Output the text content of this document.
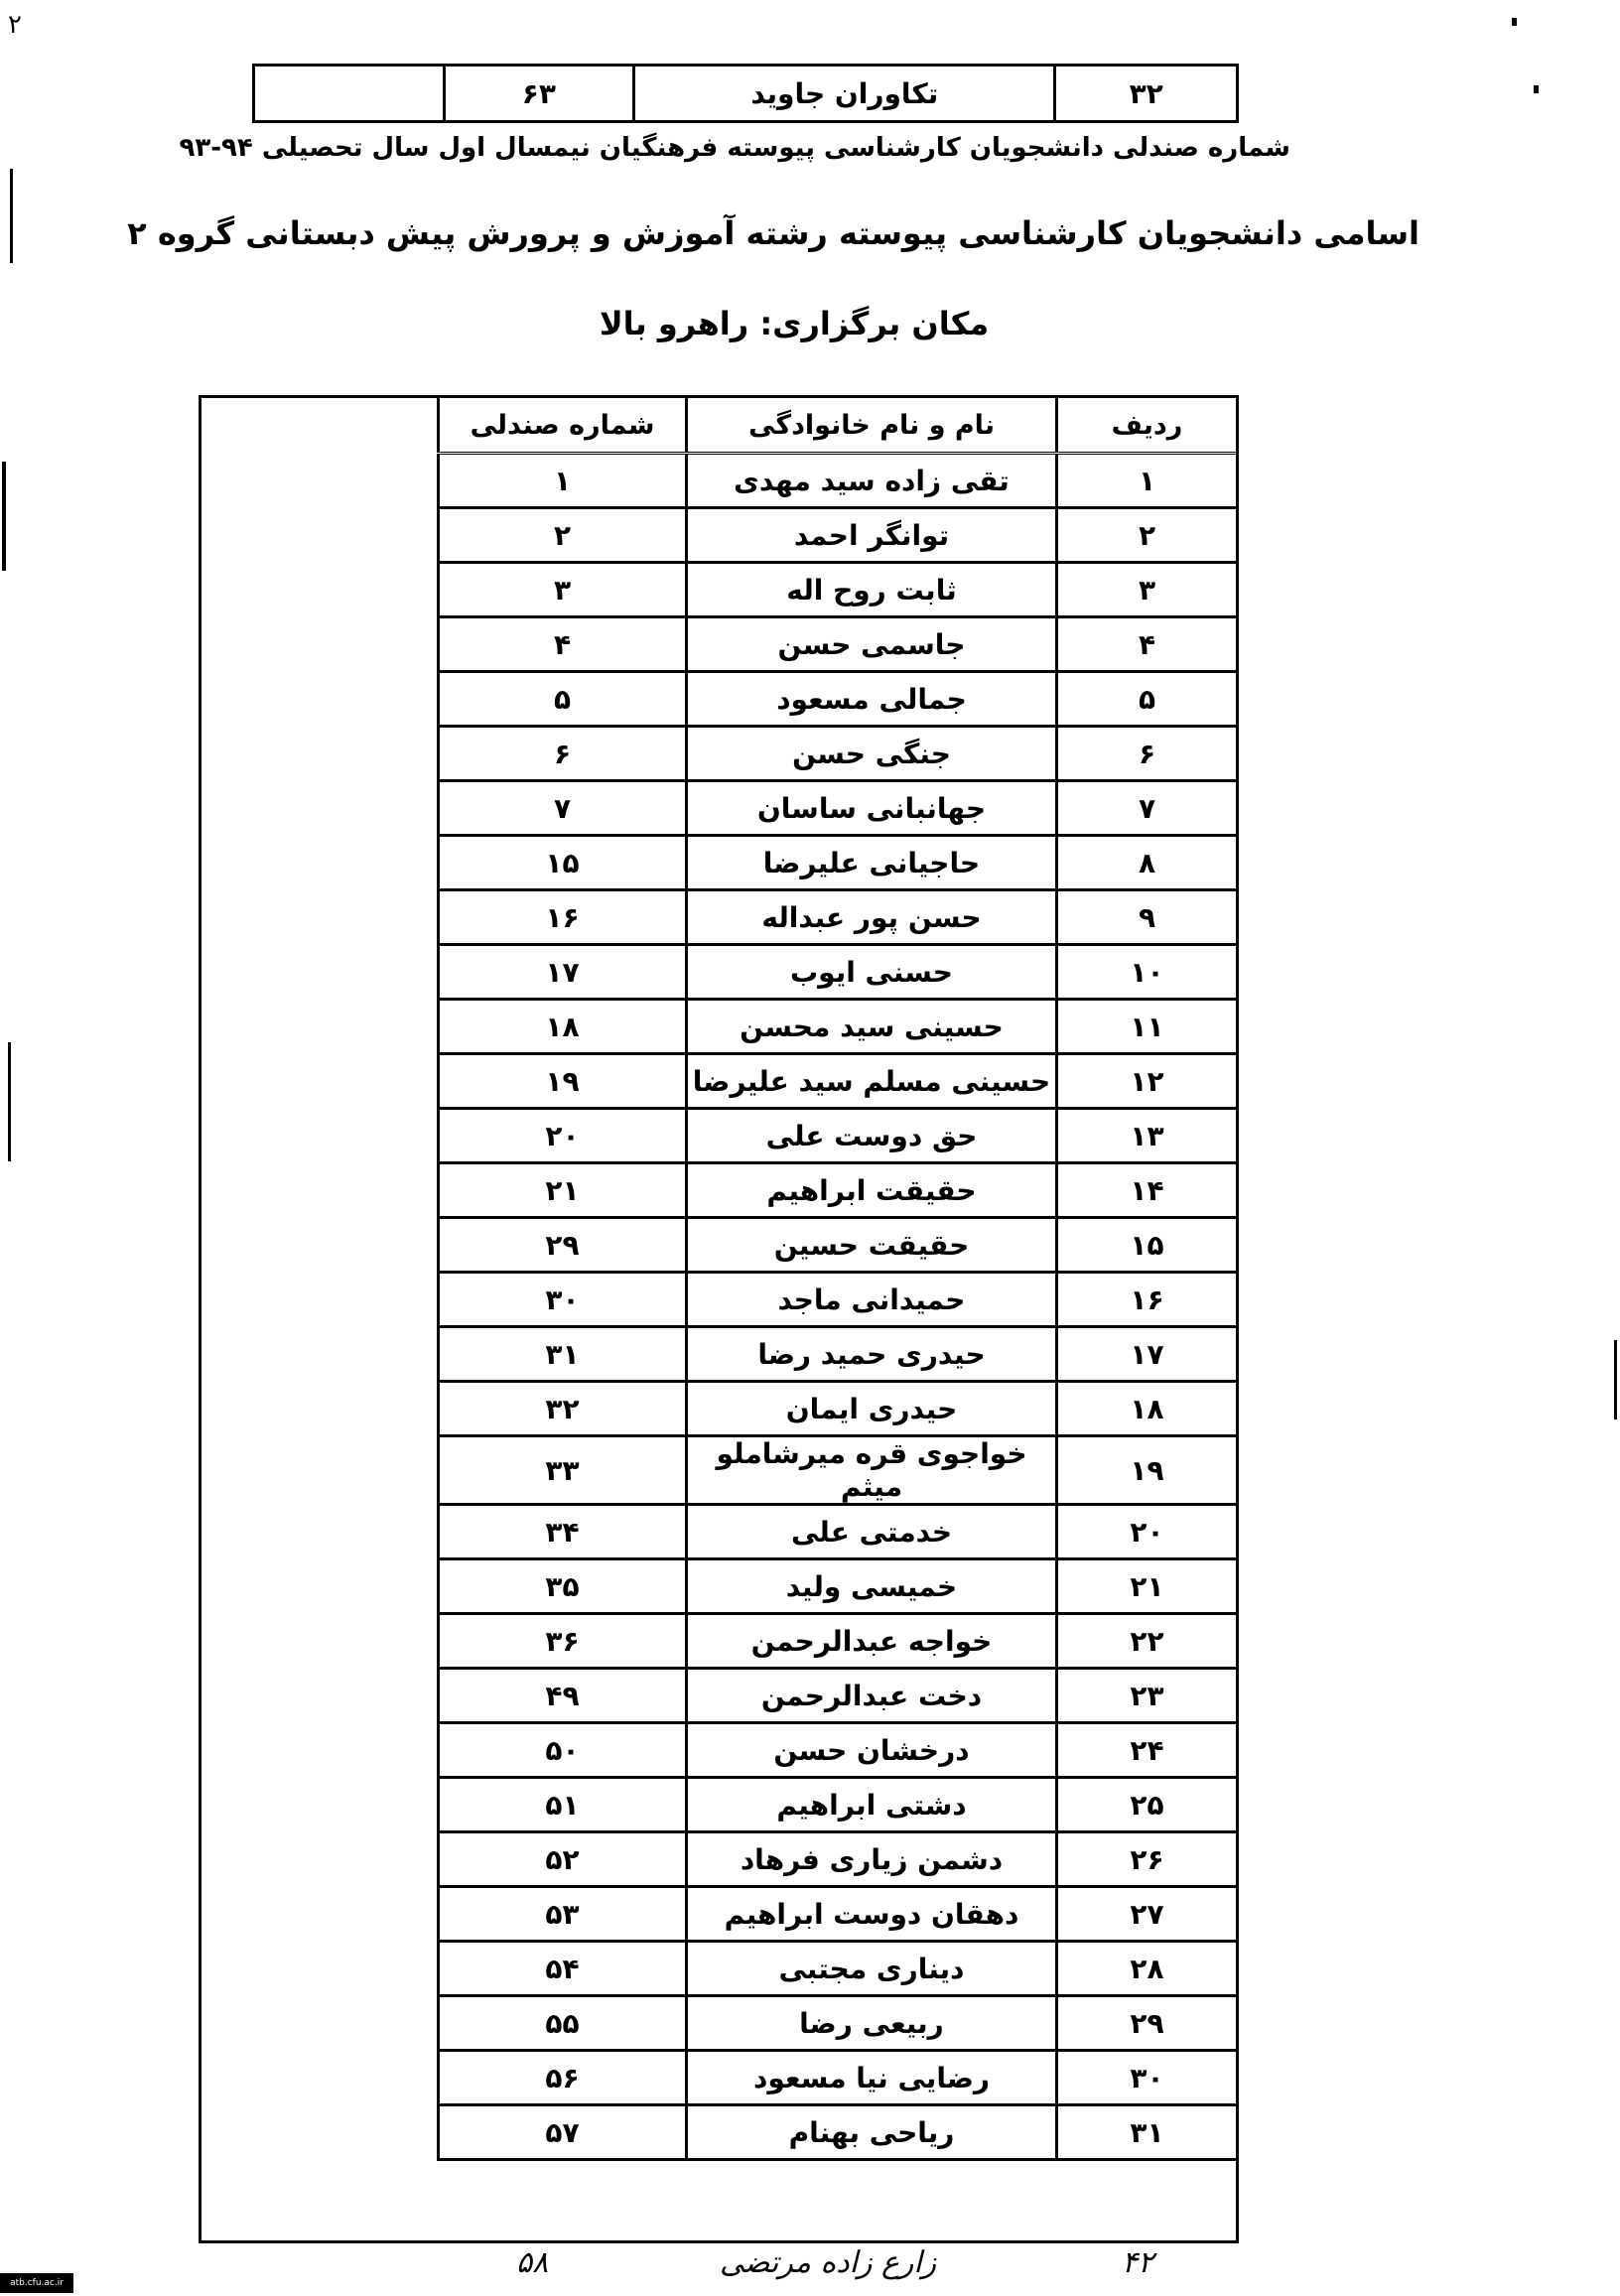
۲
	۶۳	تکاوران جاوید	۳۲
شماره صندلی دانشجویان کارشناسی پیوسته فرهنگیان نیمسال اول سال تحصیلی ۹۴-۹۳
اسامی دانشجویان کارشناسی پیوسته رشته آموزش و پرورش پیش دبستانی گروه ۲
مکان برگزاری: راهرو بالا
شماره صندلی	نام و نام خانوادگی	ردیف
۱	تقی زاده سید مهدی	۱
۲	توانگر احمد	۲
۳	ثابت روح اله	۳
۴	جاسمی حسن	۴
۵	جمالی مسعود	۵
۶	جنگی حسن	۶
۷	جهانبانی ساسان	۷
۱۵	حاجیانی علیرضا	۸
۱۶	حسن پور عبداله	۹
۱۷	حسنی ایوب	۱۰
۱۸	حسینی سید محسن	۱۱
۱۹	حسینی مسلم سید علیرضا	۱۲
۲۰	حق دوست علی	۱۳
۲۱	حقیقت ابراهیم	۱۴
۲۹	حقیقت حسین	۱۵
۳۰	حمیدانی ماجد	۱۶
۳۱	حیدری حمید رضا	۱۷
۳۲	حیدری ایمان	۱۸
۳۳	خواجوی قره میرشاملو میثم	۱۹
۳۴	خدمتی علی	۲۰
۳۵	خمیسی ولید	۲۱
۳۶	خواجه عبدالرحمن	۲۲
۴۹	دخت عبدالرحمن	۲۳
۵۰	درخشان حسن	۲۴
۵۱	دشتی ابراهیم	۲۵
۵۲	دشمن زیاری فرهاد	۲۶
۵۳	دهقان دوست ابراهیم	۲۷
۵۴	دیناری مجتبی	۲۸
۵۵	ربیعی رضا	۲۹
۵۶	رضایی نیا مسعود	۳۰
۵۷	ریاحی بهنام	۳۱
۵۸	زارع زاده مرتضی	۴۲
atb.cfu.ac.ir
